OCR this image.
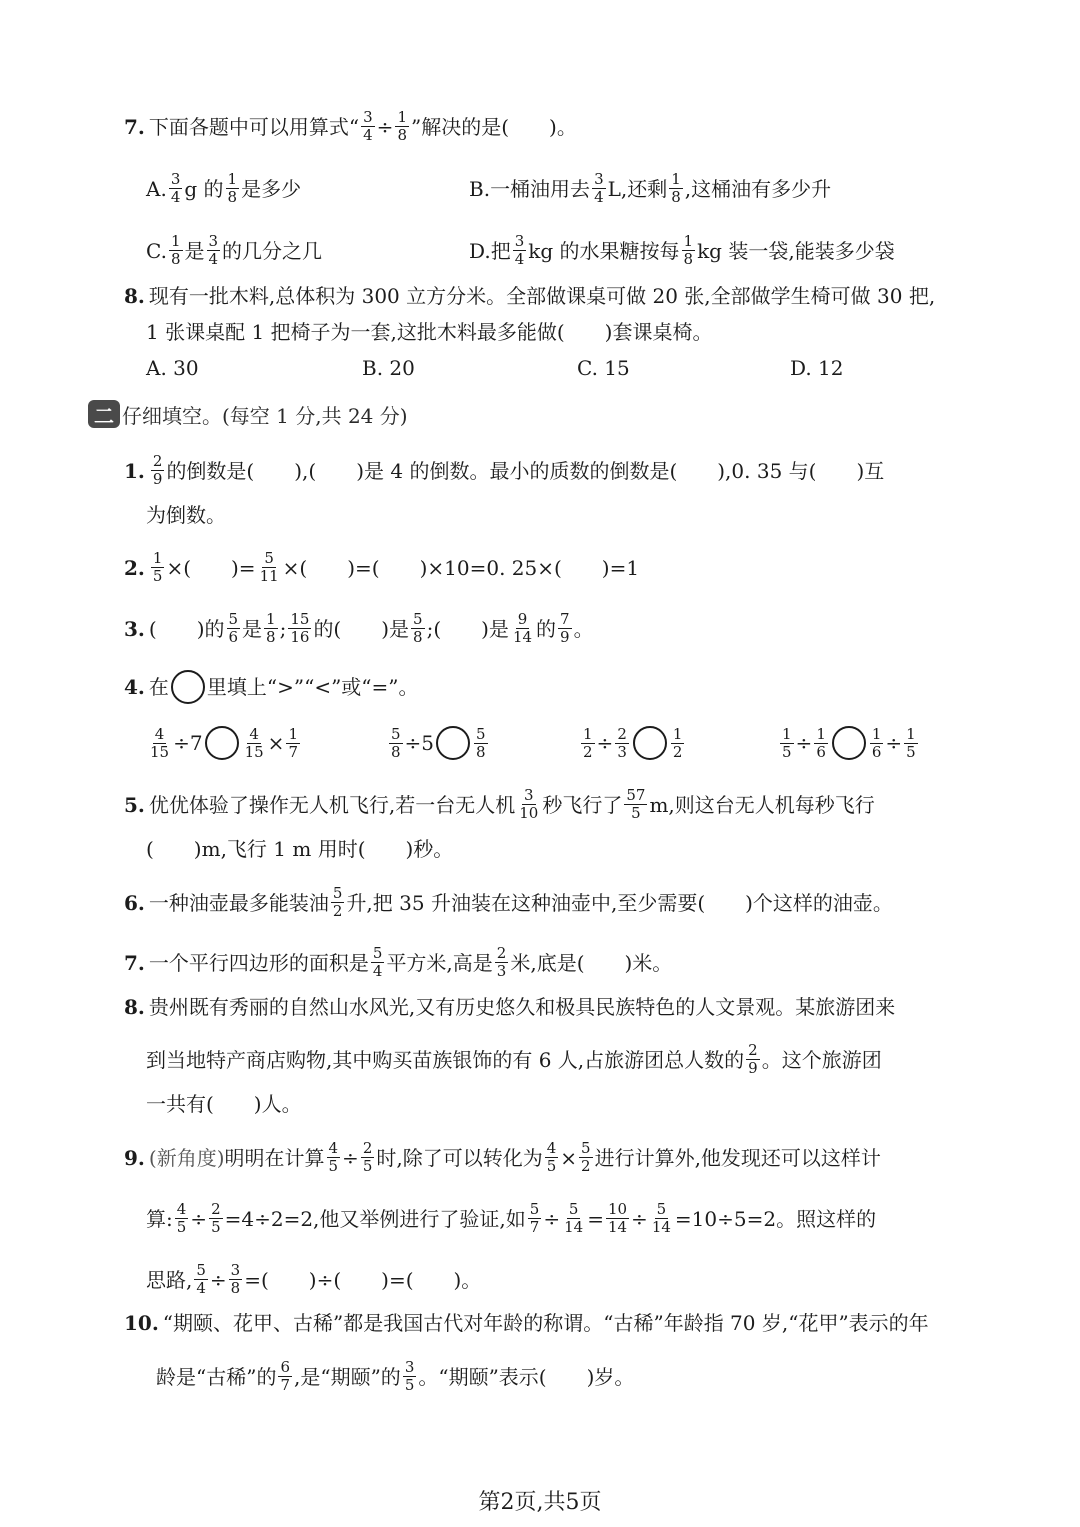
7. 下面各题中可以用算式“ $\frac{3}{4} \div \frac{1}{8}$ ”解决的是(　　)。
A. $\frac{3}{4}$ g 的 $\frac{1}{8}$ 是多少	B. 一桶油用去 $\frac{3}{4} L$,还剩 $\frac{1}{8}$ ,这桶油有多少升
C. $\frac{1}{8}$ 是 $\frac{3}{4}$ 的几分之几	D. 把 $\frac{3}{4}$ kg 的水果糖按每 $\frac{1}{8}$ kg 装一袋,能装多少袋
8. 现有一批木料,总体积为 300 立方分米。全部做课桌可做 20 张,全部做学生椅可做 30 把,
1 张课桌配 1 把椅子为一套,这批木料最多能做(　　)套课桌椅。
A. 30	B. 20	C. 15	D. 12
二 仔细填空。(每空 1 分,共 24 分)
1. $\frac{2}{9}$ 的倒数是(　　),(　　)是 4 的倒数。最小的质数的倒数是(　　),0. 35 与(　　)互
为倒数。
2. $\frac{1}{5}$ ×(　　)= $\frac{5}{11}$ ×(　　)=(　　)×10=0. 25×(　　)=1
3. (　　)的 $\frac{5}{6}$ 是 $\frac{1}{8}$ ; $\frac{15}{16}$ 的(　　)是 $\frac{5}{8}$ ;(　　)是 $\frac{9}{14}$ 的 $\frac{7}{9}$ 。
4. 在 里填上“>”“<”或“=”。
$\frac{4}{15} \div 7$	$\frac{4}{15} \times \frac{1}{7}$	$\frac{5}{8} \div 5$	$\frac{5}{8}$	$\frac{1}{2} \div \frac{2}{3}$	$\frac{1}{2}$	$\frac{1}{5} \div \frac{1}{6}$	$\frac{1}{6} \div \frac{1}{5}$
5. 优优体验了操作无人机飞行,若一台无人机 $\frac{3}{10}$ 秒飞行了 $\frac{57}{5} m$,则这台无人机每秒飞行
(　　)m,飞行 1 m 用时(　　)秒。
6. 一种油壶最多能装油 $\frac{5}{2}$ 升,把 35 升油装在这种油壶中,至少需要(　　)个这样的油壶。
7. 一个平行四边形的面积是 $\frac{5}{4}$ 平方米,高是 $\frac{2}{3}$ 米,底是(　　)米。
8. 贵州既有秀丽的自然山水风光,又有历史悠久和极具民族特色的人文景观。某旅游团来
到当地特产商店购物,其中购买苗族银饰的有 6 人,占旅游团总人数的 $\frac{2}{9}$ 。这个旅游团
一共有(　　)人。
9. (新角度) 明明在计算 $\frac{4}{5} \div \frac{2}{5}$ 时,除了可以转化为 $\frac{4}{5} \times \frac{5}{2}$ 进行计算外,他发现还可以这样计
算: $\frac{4}{5} \div \frac{2}{5} =4\div 2=2$,他又举例进行了验证,如 $\frac{5}{7} \div \frac{5}{14} = \frac{10}{14} \div \frac{5}{14} =10\div 5=2$。照这样的
思路, $\frac{5}{4} \div \frac{3}{8}$ =(　　)÷(　　)=(　　)。
10. “期颐、花甲、古稀”都是我国古代对年龄的称谓。“古稀”年龄指 70 岁,“花甲”表示的年
龄是“古稀”的 $\frac{6}{7}$ ,是“期颐”的 $\frac{3}{5}$ 。“期颐”表示(　　)岁。
第2页,共5页
